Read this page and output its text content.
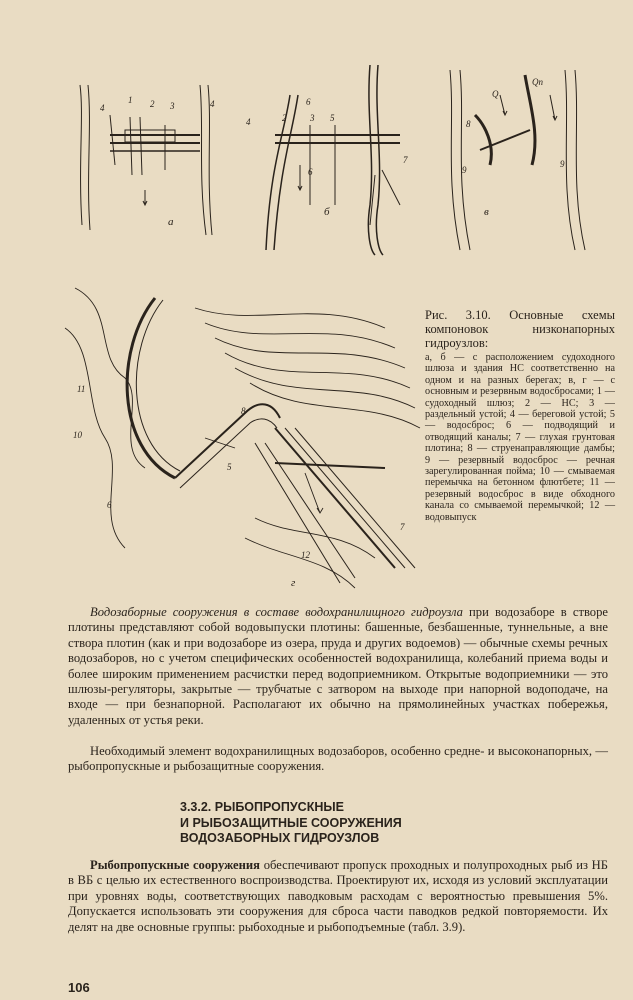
а
б	в
4
1 2 3	4	6
2	3 5
4
7
6
8
Q
Qп
9
9
г
11
10
6
8
5
7
12
Рис. 3.10. Основные схемы компоновок низконапорных гидроузлов:
а, б — с расположением судоходного шлюза и здания НС соответственно на одном и на разных берегах; в, г — с основным и резервным водосбросами; 1 — судоходный шлюз; 2 — НС; 3 — раздельный устой; 4 — береговой устой; 5 — водосброс; 6 — подводящий и отводящий каналы; 7 — глухая грунтовая плотина; 8 — струенаправляющие дамбы; 9 — резервный водосброс — речная зарегулированная пойма; 10 — смываемая перемычка на бетонном флютбете; 11 — резервный водосброс в виде обходного канала со смываемой перемычкой; 12 — водовыпуск

Водозаборные сооружения в составе водохранилищного гидроузла при водозаборе в створе плотины представляют собой водовыпуски плотины: башенные, безбашенные, туннельные, а вне створа плотин (как и при водозаборе из озера, пруда и других водоемов) — обычные схемы речных водозаборов, но с учетом специфических особенностей водохранилища, колебаний приема воды и более широким применением расчистки перед водоприемником. Открытые водоприемники — это шлюзы-регуляторы, закрытые — трубчатые с затвором на выходе при напорной водоподаче, на входе — при безнапорной. Располагают их обычно на прямолинейных участках побережья, удаленных от устья реки.

Необходимый элемент водохранилищных водозаборов, особенно средне- и высоконапорных, — рыбопропускные и рыбозащитные сооружения.

3.3.2. РЫБОПРОПУСКНЫЕ
И РЫБОЗАЩИТНЫЕ СООРУЖЕНИЯ
ВОДОЗАБОРНЫХ ГИДРОУЗЛОВ

Рыбопропускные сооружения обеспечивают пропуск проходных и полупроходных рыб из НБ в ВБ с целью их естественного воспроизводства. Проектируют их, исходя из условий эксплуатации при уровнях воды, соответствующих паводковым расходам с вероятностью превышения 5%. Допускается использовать эти сооружения для сброса части паводков редкой повторяемости. Их делят на две основные группы: рыбоходные и рыбоподъемные (табл. 3.9).

106
